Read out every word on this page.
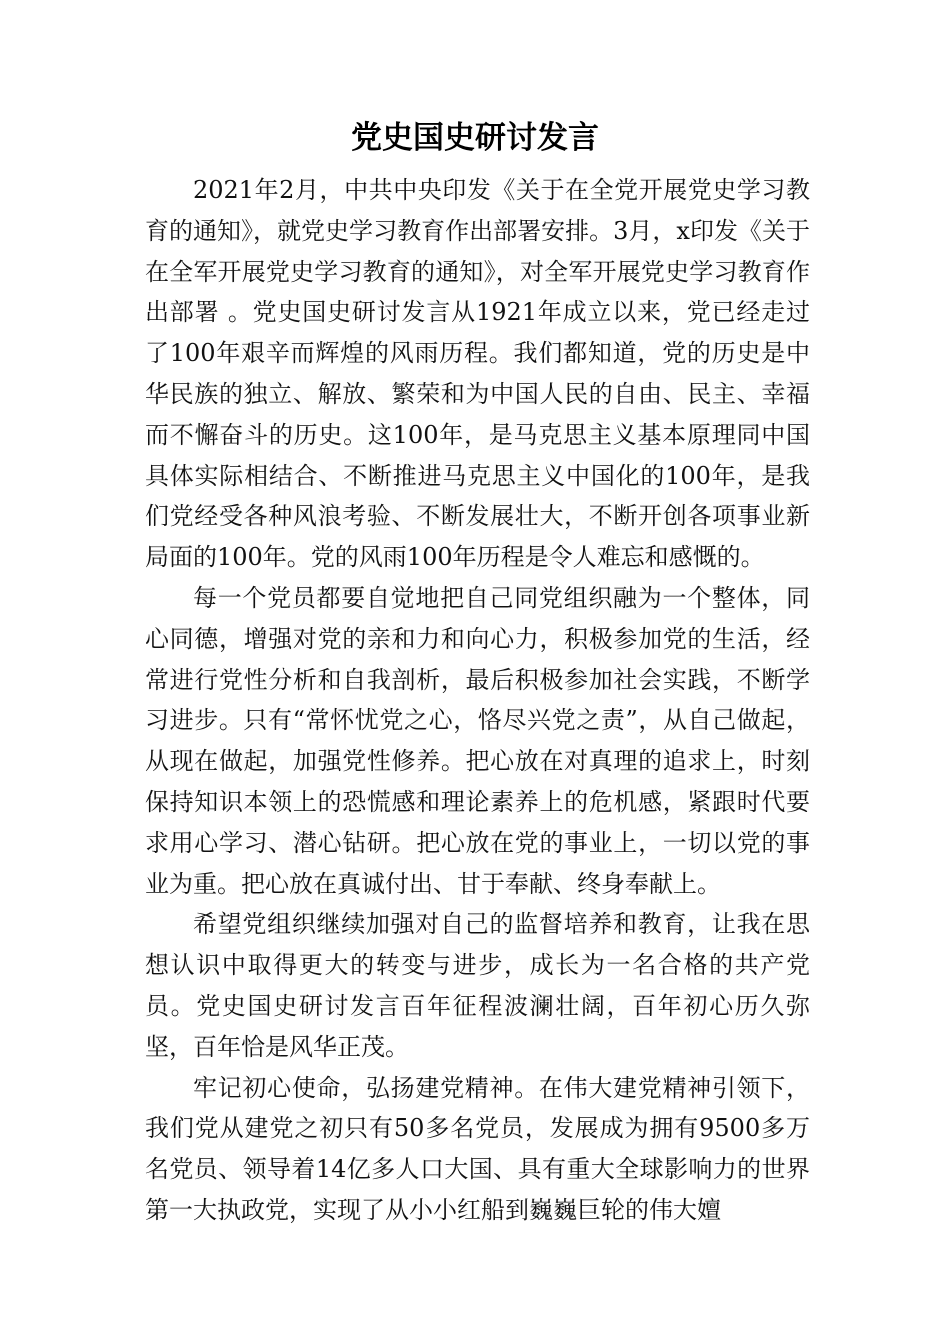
党史国史研讨发言

2021年2月，中共中央印发《关于在全党开展党史学习教育的通知》，就党史学习教育作出部署安排。3月，x印发《关于在全军开展党史学习教育的通知》，对全军开展党史学习教育作出部署 。党史国史研讨发言从1921年成立以来，党已经走过了100年艰辛而辉煌的风雨历程。我们都知道，党的历史是中华民族的独立、解放、繁荣和为中国人民的自由、民主、幸福而不懈奋斗的历史。这100年，是马克思主义基本原理同中国具体实际相结合、不断推进马克思主义中国化的100年，是我们党经受各种风浪考验、不断发展壮大，不断开创各项事业新局面的100年。党的风雨100年历程是令人难忘和感慨的。

每一个党员都要自觉地把自己同党组织融为一个整体，同心同德，增强对党的亲和力和向心力，积极参加党的生活，经常进行党性分析和自我剖析，最后积极参加社会实践，不断学习进步。只有“常怀忧党之心，恪尽兴党之责”，从自己做起，从现在做起，加强党性修养。把心放在对真理的追求上，时刻保持知识本领上的恐慌感和理论素养上的危机感，紧跟时代要求用心学习、潜心钻研。把心放在党的事业上，一切以党的事业为重。把心放在真诚付出、甘于奉献、终身奉献上。

希望党组织继续加强对自己的监督培养和教育，让我在思想认识中取得更大的转变与进步，成长为一名合格的共产党员。党史国史研讨发言百年征程波澜壮阔，百年初心历久弥坚，百年恰是风华正茂。

牢记初心使命，弘扬建党精神。在伟大建党精神引领下，我们党从建党之初只有50多名党员，发展成为拥有9500多万名党员、领导着14亿多人口大国、具有重大全球影响力的世界第一大执政党，实现了从小小红船到巍巍巨轮的伟大嬗
